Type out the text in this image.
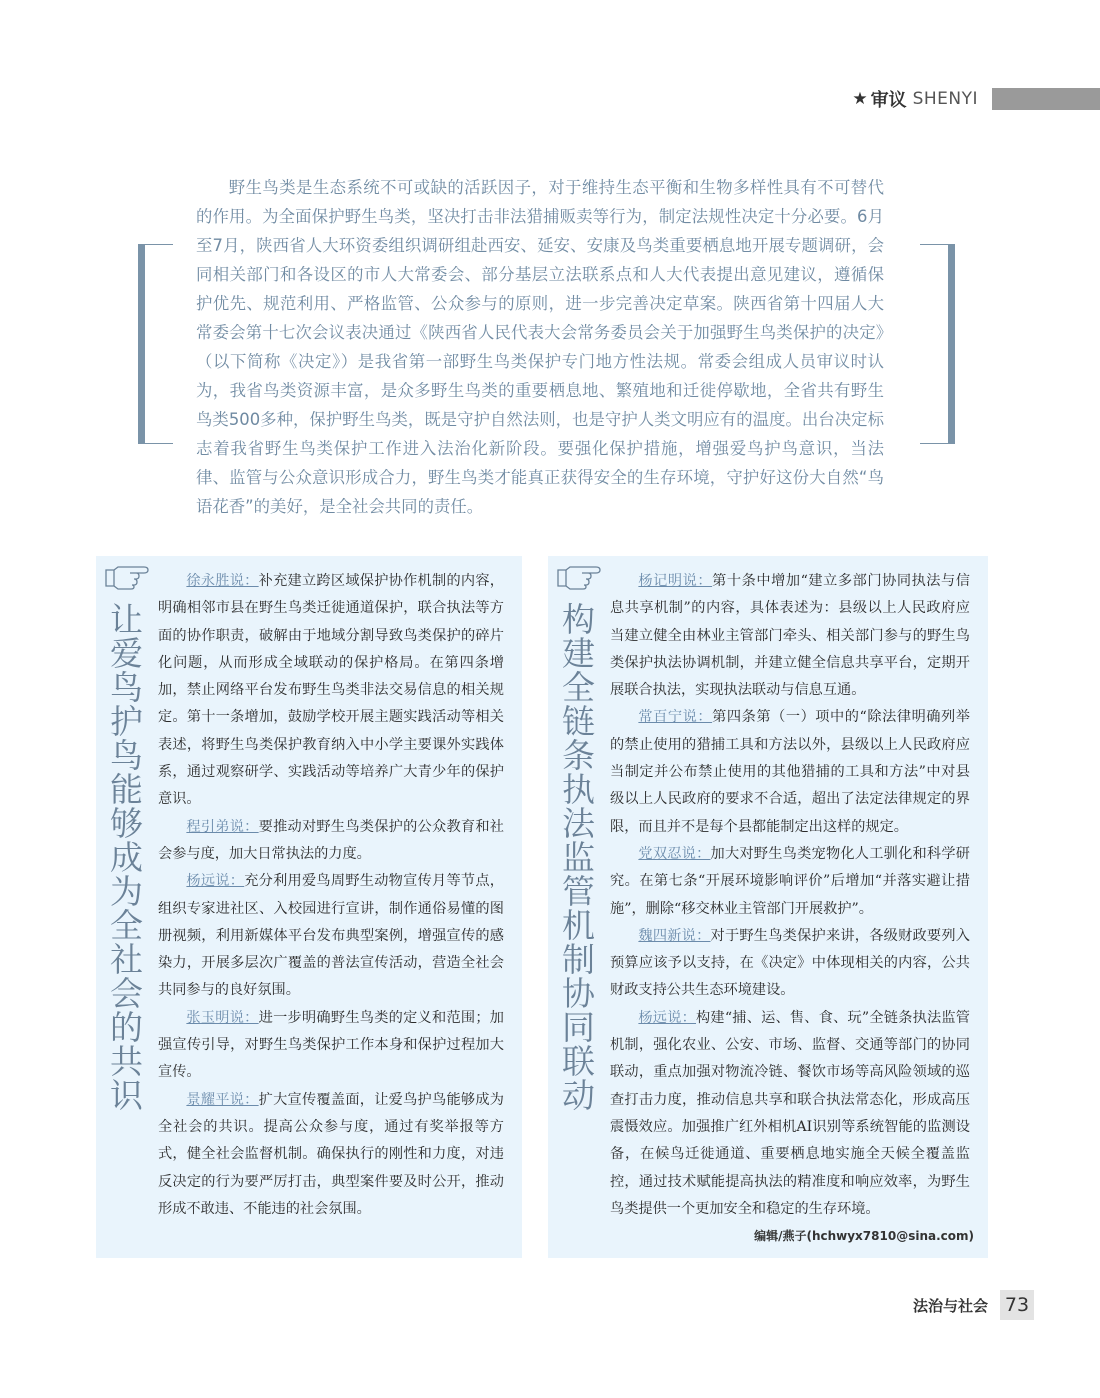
★ 审议 SHENYI

野生鸟类是生态系统不可或缺的活跃因子，对于维持生态平衡和生物多样性具有不可替代的作用。为全面保护野生鸟类，坚决打击非法猎捕贩卖等行为，制定法规性决定十分必要。6月至7月，陕西省人大环资委组织调研组赴西安、延安、安康及鸟类重要栖息地开展专题调研，会同相关部门和各设区的市人大常委会、部分基层立法联系点和人大代表提出意见建议，遵循保护优先、规范利用、严格监管、公众参与的原则，进一步完善决定草案。陕西省第十四届人大常委会第十七次会议表决通过《陕西省人民代表大会常务委员会关于加强野生鸟类保护的决定》（以下简称《决定》）是我省第一部野生鸟类保护专门地方性法规。常委会组成人员审议时认为，我省鸟类资源丰富，是众多野生鸟类的重要栖息地、繁殖地和迁徙停歇地，全省共有野生鸟类500多种，保护野生鸟类，既是守护自然法则，也是守护人类文明应有的温度。出台决定标志着我省野生鸟类保护工作进入法治化新阶段。要强化保护措施，增强爱鸟护鸟意识，当法律、监管与公众意识形成合力，野生鸟类才能真正获得安全的生存环境，守护好这份大自然“鸟语花香”的美好，是全社会共同的责任。

让爱鸟护鸟能够成为全社会的共识

徐永胜说：补充建立跨区域保护协作机制的内容，明确相邻市县在野生鸟类迁徙通道保护，联合执法等方面的协作职责，破解由于地域分割导致鸟类保护的碎片化问题，从而形成全域联动的保护格局。在第四条增加，禁止网络平台发布野生鸟类非法交易信息的相关规定。第十一条增加，鼓励学校开展主题实践活动等相关表述，将野生鸟类保护教育纳入中小学主要课外实践体系，通过观察研学、实践活动等培养广大青少年的保护意识。

程引弟说：要推动对野生鸟类保护的公众教育和社会参与度，加大日常执法的力度。

杨远说：充分利用爱鸟周野生动物宣传月等节点，组织专家进社区、入校园进行宣讲，制作通俗易懂的图册视频，利用新媒体平台发布典型案例，增强宣传的感染力，开展多层次广覆盖的普法宣传活动，营造全社会共同参与的良好氛围。

张玉明说：进一步明确野生鸟类的定义和范围；加强宣传引导，对野生鸟类保护工作本身和保护过程加大宣传。

景耀平说：扩大宣传覆盖面，让爱鸟护鸟能够成为全社会的共识。提高公众参与度，通过有奖举报等方式，健全社会监督机制。确保执行的刚性和力度，对违反决定的行为要严厉打击，典型案件要及时公开，推动形成不敢违、不能违的社会氛围。

构建全链条执法监管机制协同联动

杨记明说：第十条中增加“建立多部门协同执法与信息共享机制”的内容，具体表述为：县级以上人民政府应当建立健全由林业主管部门牵头、相关部门参与的野生鸟类保护执法协调机制，并建立健全信息共享平台，定期开展联合执法，实现执法联动与信息互通。

常百宁说：第四条第（一）项中的“除法律明确列举的禁止使用的猎捕工具和方法以外，县级以上人民政府应当制定并公布禁止使用的其他猎捕的工具和方法”中对县级以上人民政府的要求不合适，超出了法定法律规定的界限，而且并不是每个县都能制定出这样的规定。

党双忍说：加大对野生鸟类宠物化人工驯化和科学研究。在第七条“开展环境影响评价”后增加“并落实避让措施”，删除“移交林业主管部门开展救护”。

魏四新说：对于野生鸟类保护来讲，各级财政要列入预算应该予以支持，在《决定》中体现相关的内容，公共财政支持公共生态环境建设。

杨远说：构建“捕、运、售、食、玩”全链条执法监管机制，强化农业、公安、市场、监督、交通等部门的协同联动，重点加强对物流冷链、餐饮市场等高风险领域的巡查打击力度，推动信息共享和联合执法常态化，形成高压震慑效应。加强推广红外相机AI识别等系统智能的监测设备，在候鸟迁徙通道、重要栖息地实施全天候全覆盖监控，通过技术赋能提高执法的精准度和响应效率，为野生鸟类提供一个更加安全和稳定的生存环境。
编辑/燕子(hchwyx7810@sina.com)

法治与社会 73
